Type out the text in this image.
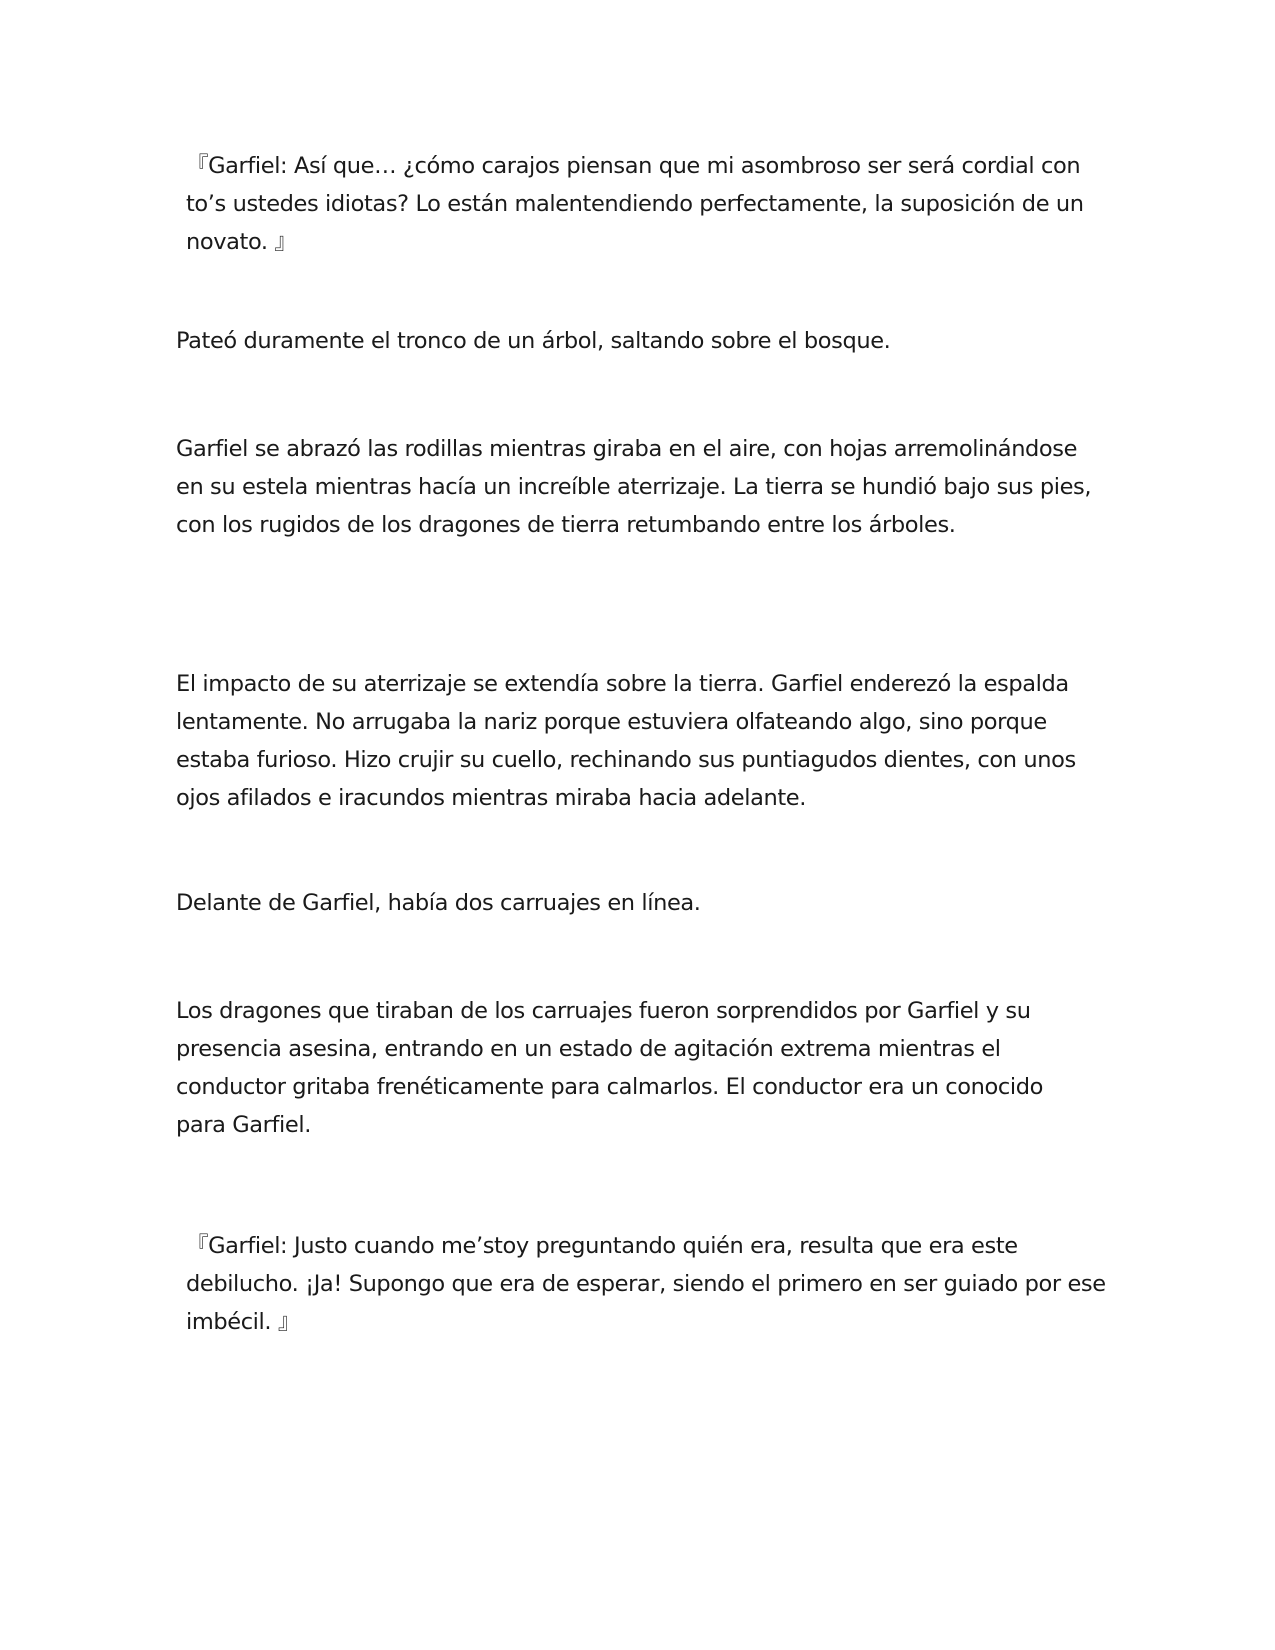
『Garfiel: Así que… ¿cómo carajos piensan que mi asombroso ser será cordial con to’s ustedes idiotas? Lo están malentendiendo perfectamente, la suposición de un novato. 』

Pateó duramente el tronco de un árbol, saltando sobre el bosque.

Garfiel se abrazó las rodillas mientras giraba en el aire, con hojas arremolinándose en su estela mientras hacía un increíble aterrizaje. La tierra se hundió bajo sus pies, con los rugidos de los dragones de tierra retumbando entre los árboles.

El impacto de su aterrizaje se extendía sobre la tierra. Garfiel enderezó la espalda lentamente. No arrugaba la nariz porque estuviera olfateando algo, sino porque estaba furioso. Hizo crujir su cuello, rechinando sus puntiagudos dientes, con unos ojos afilados e iracundos mientras miraba hacia adelante.

Delante de Garfiel, había dos carruajes en línea.

Los dragones que tiraban de los carruajes fueron sorprendidos por Garfiel y su presencia asesina, entrando en un estado de agitación extrema mientras el conductor gritaba frenéticamente para calmarlos. El conductor era un conocido para Garfiel.

『Garfiel: Justo cuando me’stoy preguntando quién era, resulta que era este debilucho. ¡Ja! Supongo que era de esperar, siendo el primero en ser guiado por ese imbécil. 』
